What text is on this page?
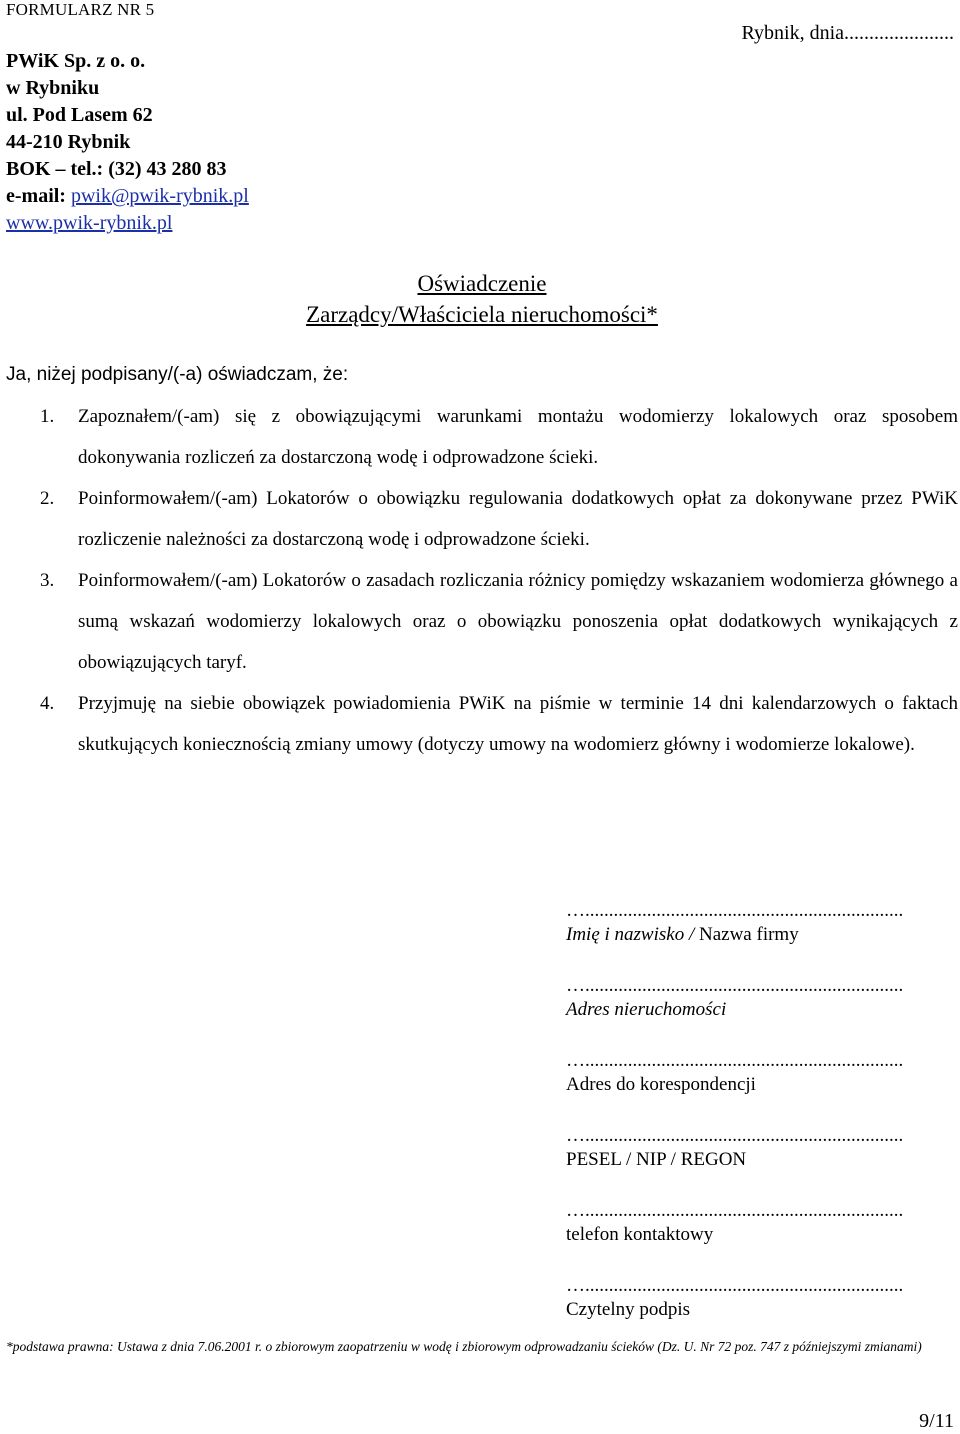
FORMULARZ NR 5
PWiK Sp. z o. o.
w Rybniku
ul. Pod Lasem 62
44-210 Rybnik
BOK – tel.: (32) 43 280 83
e-mail: pwik@pwik-rybnik.pl
www.pwik-rybnik.pl
Rybnik, dnia......................
Oświadczenie
Zarządcy/Właściciela nieruchomości*
Ja, niżej podpisany/(-a) oświadczam, że:
1. Zapoznałem/(-am) się z obowiązującymi warunkami montażu wodomierzy lokalowych oraz sposobem dokonywania rozliczeń za dostarczoną wodę i odprowadzone ścieki.
2. Poinformowałem/(-am) Lokatorów o obowiązku regulowania dodatkowych opłat za dokonywane przez PWiK rozliczenie należności za dostarczoną wodę i odprowadzone ścieki.
3. Poinformowałem/(-am) Lokatorów o zasadach rozliczania różnicy pomiędzy wskazaniem wodomierza głównego a sumą wskazań wodomierzy lokalowych oraz o obowiązku ponoszenia opłat dodatkowych wynikających z obowiązujących taryf.
4. Przyjmuję na siebie obowiązek powiadomienia PWiK na piśmie w terminie 14 dni kalendarzowych o faktach skutkujących koniecznością zmiany umowy (dotyczy umowy na wodomierz główny i wodomierze lokalowe).
…...................................................................
Imię i nazwisko / Nazwa firmy
…...................................................................
Adres nieruchomości
…...................................................................
Adres do korespondencji
…...................................................................
PESEL / NIP / REGON
…...................................................................
telefon kontaktowy
…...................................................................
Czytelny podpis
*podstawa prawna: Ustawa z dnia 7.06.2001 r. o zbiorowym zaopatrzeniu w wodę i zbiorowym odprowadzaniu ścieków (Dz. U. Nr 72 poz. 747 z późniejszymi zmianami)
9/11
